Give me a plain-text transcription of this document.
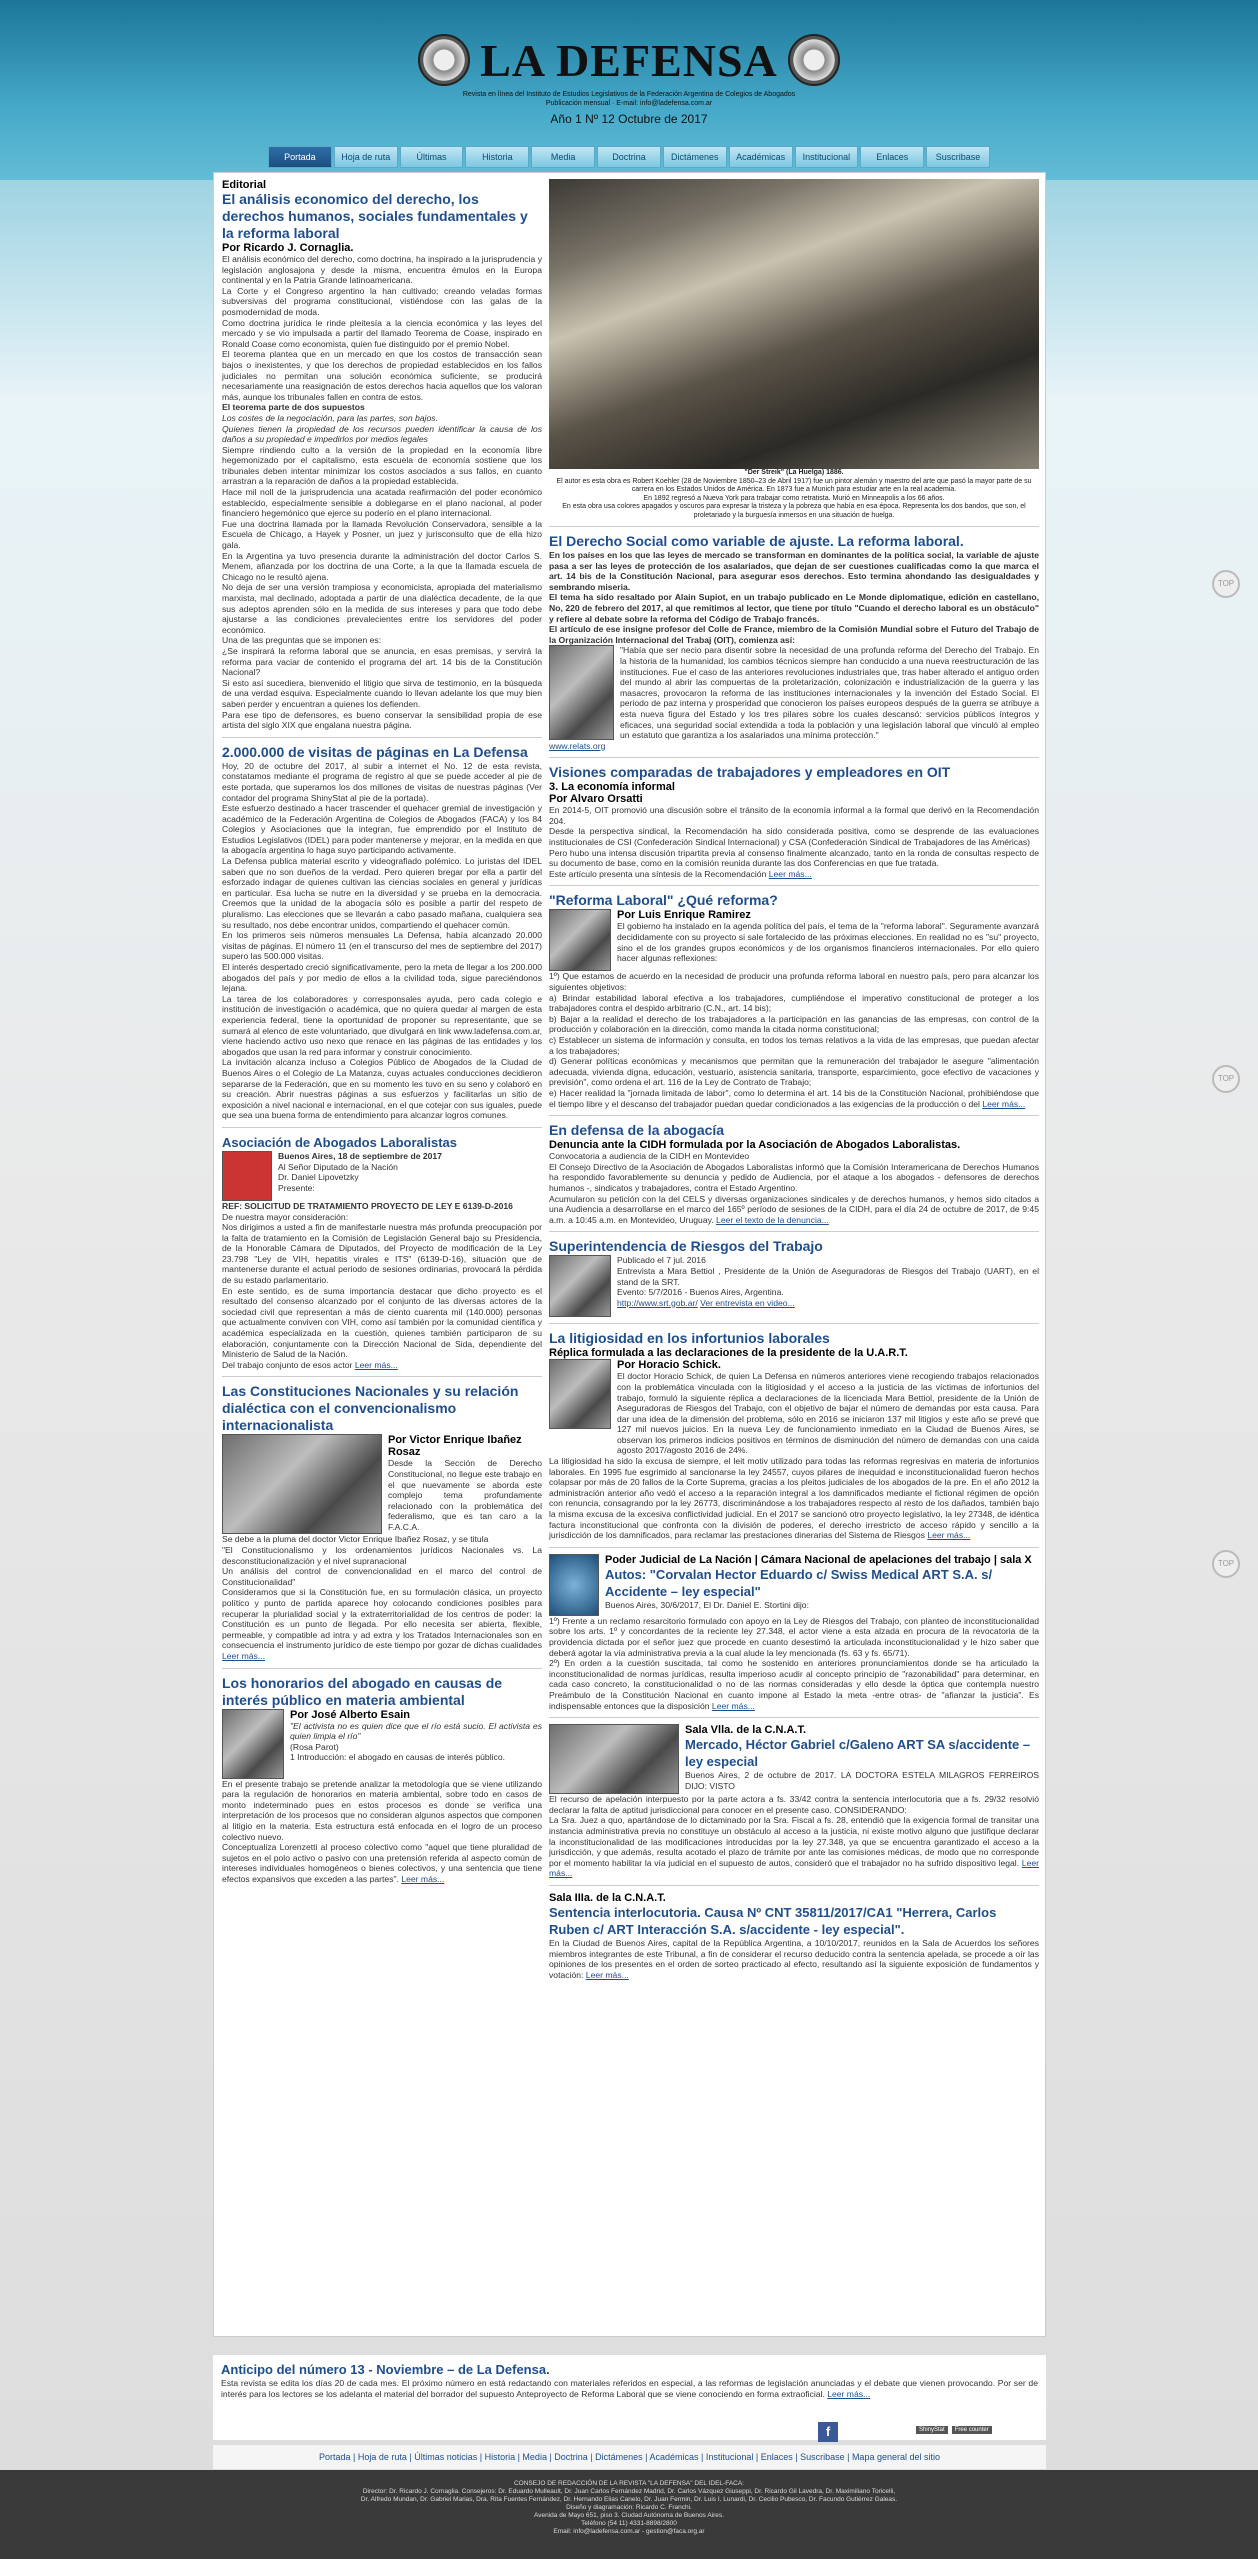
LA DEFENSA
Revista en línea del Instituto de Estudios Legislativos de la Federación Argentina de Colegios de Abogados
Publicación mensual · E-mail: info@ladefensa.com.ar
Año 1 Nº 12 Octubre de 2017
Portada	Hoja de ruta	Últimas	Historia	Media	Doctrina	Dictámenes	Académicas	Institucional	Enlaces	Suscribase
TOP
TOP
TOP
Editorial
El análisis economico del derecho, los derechos humanos, sociales fundamentales y la reforma laboral
Por Ricardo J. Cornaglia.

El análisis económico del derecho, como doctrina, ha inspirado a la jurisprudencia y legislación anglosajona y desde la misma, encuentra émulos en la Europa continental y en la Patria Grande latinoamericana.

La Corte y el Congreso argentino la han cultivado; creando veladas formas subversivas del programa constitucional, vistiéndose con las galas de la posmodernidad de moda.

Como doctrina jurídica le rinde pleitesía a la ciencia económica y las leyes del mercado y se vio impulsada a partir del llamado Teorema de Coase, inspirado en Ronald Coase como economista, quien fue distinguido por el premio Nobel.

El teorema plantea que en un mercado en que los costos de transacción sean bajos o inexistentes, y que los derechos de propiedad establecidos en los fallos judiciales no permitan una solución económica suficiente, se producirá necesariamente una reasignación de estos derechos hacia aquellos que los valoran más, aunque los tribunales fallen en contra de estos.

El teorema parte de dos supuestos

Los costes de la negociación, para las partes, son bajos.

Quienes tienen la propiedad de los recursos pueden identificar la causa de los daños a su propiedad e impedirlos por medios legales

Siempre rindiendo culto a la versión de la propiedad en la economía libre hegemonizado por el capitalismo, esta escuela de economía sostiene que los tribunales deben intentar minimizar los costos asociados a sus fallos, en cuanto arrastran a la reparación de daños a la propiedad establecida.

Hace mil noll de la jurisprudencia una acatada reafirmación del poder económico establecido, especialmente sensible a doblegarse en el plano nacional, al poder financiero hegemónico que ejerce su poderío en el plano internacional.

Fue una doctrina llamada por la llamada Revolución Conservadora, sensible a la Escuela de Chicago, a Hayek y Posner, un juez y jurisconsulto que de ella hizo gala.

En la Argentina ya tuvo presencia durante la administración del doctor Carlos S. Menem, afianzada por los doctrina de una Corte, a la que la llamada escuela de Chicago no le resultó ajena.

No deja de ser una versión trampiosa y economicista, apropiada del materialismo marxista, mal declinado, adoptada a partir de una dialéctica decadente, de la que sus adeptos aprenden sólo en la medida de sus intereses y para que todo debe ajustarse a las condiciones prevalecientes entre los servidores del poder económico.

Una de las preguntas que se imponen es:

¿Se inspirará la reforma laboral que se anuncia, en esas premisas, y servirá la reforma para vaciar de contenido el programa del art. 14 bis de la Constitución Nacional?

Si esto así sucediera, bienvenido el litigio que sirva de testimonio, en la búsqueda de una verdad esquiva. Especialmente cuando lo llevan adelante los que muy bien saben perder y encuentran a quienes los defienden.

Para ese tipo de defensores, es bueno conservar la sensibilidad propia de ese artista del siglo XIX que engalana nuestra página.

2.000.000 de visitas de páginas en La Defensa

Hoy, 20 de octubre del 2017, al subir a internet el No. 12 de esta revista, constatamos mediante el programa de registro al que se puede acceder al pie de este portada, que superamos los dos millones de visitas de nuestras páginas (Ver contador del programa ShinyStat al pie de la portada).

Este esfuerzo destinado a hacer trascender el quehacer gremial de investigación y académico de la Federación Argentina de Colegios de Abogados (FACA) y los 84 Colegios y Asociaciones que la integran, fue emprendido por el Instituto de Estudios Legislativos (IDEL) para poder mantenerse y mejorar, en la medida en que la abogacía argentina lo haga suyo participando activamente.

La Defensa publica material escrito y videografiado polémico. Lo juristas del IDEL saben que no son dueños de la verdad. Pero quieren bregar por ella a partir del esforzado indagar de quienes cultivan las ciencias sociales en general y jurídicas en particular. Esa lucha se nutre en la diversidad y se prueba en la democracia. Creemos que la unidad de la abogacía sólo es posible a partir del respeto de pluralismo. Las elecciones que se llevarán a cabo pasado mañana, cualquiera sea su resultado, nos debe encontrar unidos, compartiendo el quehacer común.

En los primeros seis números mensuales La Defensa, había alcanzado 20.000 visitas de páginas. El número 11 (en el transcurso del mes de septiembre del 2017) supero las 500.000 visitas.

El interés despertado creció significativamente, pero la meta de llegar a los 200.000 abogados del país y por medio de ellos a la civilidad toda, sigue pareciéndonos lejana.

La tarea de los colaboradores y corresponsales ayuda, pero cada colegio e institución de investigación o académica, que no quiera quedar al margen de esta experiencia federal, tiene la oportunidad de proponer su representante, que se sumará al elenco de este voluntariado, que divulgará en link www.ladefensa.com.ar, viene haciendo activo uso nexo que renace en las páginas de las entidades y los abogados que usan la red para informar y construir conocimiento.

La invitación alcanza incluso a Colegios Público de Abogados de la Ciudad de Buenos Aires o el Colegio de La Matanza, cuyas actuales conducciones decidieron separarse de la Federación, que en su momento les tuvo en su seno y colaboró en su creación. Abrir nuestras páginas a sus esfuerzos y facilitarlas un sitio de exposición a nivel nacional e internacional, en el que cotejar con sus iguales, puede que sea una buena forma de entendimiento para alcanzar logros comunes.

Asociación de Abogados Laboralistas

Buenos Aires, 18 de septiembre de 2017

Al Señor Diputado de la Nación

Dr. Daniel Lipovetzky

Presente:

REF: SOLICITUD DE TRATAMIENTO PROYECTO DE LEY E 6139-D-2016

De nuestra mayor consideración:

Nos dirigimos a usted a fin de manifestarle nuestra más profunda preocupación por la falta de tratamiento en la Comisión de Legislación General bajo su Presidencia, de la Honorable Cámara de Diputados, del Proyecto de modificación de la Ley 23.798 "Ley de VIH, hepatitis virales e ITS" (6139-D-16), situación que de mantenerse durante el actual periodo de sesiones ordinarias, provocará la pérdida de su estado parlamentario.

En este sentido, es de suma importancia destacar que dicho proyecto es el resultado del consenso alcanzado por el conjunto de las diversas actores de la sociedad civil que representan a más de ciento cuarenta mil (140.000) personas que actualmente conviven con VIH, como así también por la comunidad científica y académica especializada en la cuestión, quienes también participaron de su elaboración, conjuntamente con la Dirección Nacional de Sida, dependiente del Ministerio de Salud de la Nación.

Del trabajo conjunto de esos actor Leer más...

Las Constituciones Nacionales y su relación dialéctica con el convencionalismo internacionalista
Por Victor Enrique Ibañez Rosaz

Desde la Sección de Derecho Constitucional, no llegue este trabajo en el que nuevamente se aborda este complejo tema profundamente relacionado con la problemática del federalismo, que es tan caro a la F.A.C.A.

Se debe a la pluma del doctor Victor Enrique Ibañez Rosaz, y se titula

"El Constitucionalismo y los ordenamientos jurídicos Nacionales vs. La desconstitucionalización y el nivel supranacional

Un análisis del control de convencionalidad en el marco del control de Constitucionalidad"

Consideramos que si la Constitución fue, en su formulación clásica, un proyecto político y punto de partida aparece hoy colocando condiciones posibles para recuperar la plurialidad social y la extraterritorialidad de los centros de poder: la Constitución es un punto de llegada. Por ello necesita ser abierta, flexible, permeable, y compatible ad intra y ad extra y los Tratados Internacionales son en consecuencia el instrumento jurídico de este tiempo por gozar de dichas cualidades Leer más...

Los honorarios del abogado en causas de interés público en materia ambiental
Por José Alberto Esain

"El activista no es quien dice que el río está sucio. El activista es quien limpia el río"

(Rosa Parot)

1 Introducción: el abogado en causas de interés público.

En el presente trabajo se pretende analizar la metodología que se viene utilizando para la regulación de honorarios en materia ambiental, sobre todo en casos de monto indeterminado pues en estos procesos es donde se verifica una interpretación de los procesos que no consideran algunos aspectos que componen al litigio en la materia. Esta estructura está enfocada en el logro de un proceso colectivo nuevo.

Conceptualiza Lorenzetti al proceso colectivo como "aquel que tiene pluralidad de sujetos en el polo activo o pasivo con una pretensión referida al aspecto común de intereses individuales homogéneos o bienes colectivos, y una sentencia que tiene efectos expansivos que exceden a las partes". Leer más...

"Der Streik" (La Huelga) 1886.
El autor es esta obra es Robert Koehler (28 de Noviembre 1850–23 de Abril 1917) fue un pintor alemán y maestro del arte que pasó la mayor parte de su carrera en los Estados Unidos de América. En 1873 fue a Munich para estudiar arte en la real academia.
En 1892 regresó a Nueva York para trabajar como retratista. Murió en Minneapolis a los 66 años.
En esta obra usa colores apagados y oscuros para expresar la tristeza y la pobreza que había en esa época. Representa los dos bandos, que son, el proletariado y la burguesía inmersos en una situación de huelga.
El Derecho Social como variable de ajuste. La reforma laboral.

En los países en los que las leyes de mercado se transforman en dominantes de la política social, la variable de ajuste pasa a ser las leyes de protección de los asalariados, que dejan de ser cuestiones cualificadas como la que marca el art. 14 bis de la Constitución Nacional, para asegurar esos derechos. Esto termina ahondando las desigualdades y sembrando miseria.

El tema ha sido resaltado por Alain Supiot, en un trabajo publicado en Le Monde diplomatique, edición en castellano, No, 220 de febrero del 2017, al que remitimos al lector, que tiene por título "Cuando el derecho laboral es un obstáculo" y refiere al debate sobre la reforma del Código de Trabajo francés.

El artículo de ese insigne profesor del Colle de France, miembro de la Comisión Mundial sobre el Futuro del Trabajo de la Organización Internacional del Trabaj (OIT), comienza así:

"Había que ser necio para disentir sobre la necesidad de una profunda reforma del Derecho del Trabajo. En la historia de la humanidad, los cambios técnicos siempre han conducido a una nueva reestructuración de las instituciones. Fue el caso de las anteriores revoluciones industriales que, tras haber alterado el antiguo orden del mundo al abrir las compuertas de la proletarización, colonización e industrialización de la guerra y las masacres, provocaron la reforma de las instituciones internacionales y la invención del Estado Social. El periodo de paz interna y prosperidad que conocieron los países europeos después de la guerra se atribuye a esta nueva figura del Estado y los tres pilares sobre los cuales descansó: servicios públicos íntegros y eficaces, una seguridad social extendida a toda la población y una legislación laboral que vinculó al empleo un estatuto que garantiza a los asalariados una mínima protección."

www.relats.org

Visiones comparadas de trabajadores y empleadores en OIT
3. La economía informal
Por Alvaro Orsatti

En 2014-5, OIT promovió una discusión sobre el tránsito de la economía informal a la formal que derivó en la Recomendación 204.

Desde la perspectiva sindical, la Recomendación ha sido considerada positiva, como se desprende de las evaluaciones institucionales de CSI (Confederación Sindical Internacional) y CSA (Confederación Sindical de Trabajadores de las Américas)

Pero hubo una intensa discusión tripartita previa al consenso finalmente alcanzado, tanto en la ronda de consultas respecto de su documento de base, como en la comisión reunida durante las dos Conferencias en que fue tratada.

Este artículo presenta una síntesis de la Recomendación Leer más...

"Reforma Laboral" ¿Qué reforma?
Por Luis Enrique Ramirez

El gobierno ha instalado en la agenda política del país, el tema de la "reforma laboral". Seguramente avanzará decididamente con su proyecto si sale fortalecido de las próximas elecciones. En realidad no es "su" proyecto, sino el de los grandes grupos económicos y de los organismos financieros internacionales. Por ello quiero hacer algunas reflexiones:

1º) Que estamos de acuerdo en la necesidad de producir una profunda reforma laboral en nuestro país, pero para alcanzar los siguientes objetivos:

a) Brindar estabilidad laboral efectiva a los trabajadores, cumpliéndose el imperativo constitucional de proteger a los trabajadores contra el despido arbitrario (C.N., art. 14 bis);

b) Bajar a la realidad el derecho de los trabajadores a la participación en las ganancias de las empresas, con control de la producción y colaboración en la dirección, como manda la citada norma constitucional;

c) Establecer un sistema de información y consulta, en todos los temas relativos a la vida de las empresas, que puedan afectar a los trabajadores;

d) Generar políticas económicas y mecanismos que permitan que la remuneración del trabajador le asegure "alimentación adecuada, vivienda digna, educación, vestuario, asistencia sanitaria, transporte, esparcimiento, goce efectivo de vacaciones y previsión", como ordena el art. 116 de la Ley de Contrato de Trabajo;

e) Hacer realidad la "jornada limitada de labor", como lo determina el art. 14 bis de la Constitución Nacional, prohibiéndose que el tiempo libre y el descanso del trabajador puedan quedar condicionados a las exigencias de la producción o del Leer más...

En defensa de la abogacía
Denuncia ante la CIDH formulada por la Asociación de Abogados Laboralistas.

Convocatoria a audiencia de la CIDH en Montevideo

El Consejo Directivo de la Asociación de Abogados Laboralistas informó que la Comisión Interamericana de Derechos Humanos ha respondido favorablemente su denuncia y pedido de Audiencia, por el ataque a los abogados - defensores de derechos humanos -, sindicatos y trabajadores, contra el Estado Argentino.

Acumularon su petición con la del CELS y diversas organizaciones sindicales y de derechos humanos, y hemos sido citados a una Audiencia a desarrollarse en el marco del 165º período de sesiones de la CIDH, para el día 24 de octubre de 2017, de 9:45 a.m. a 10:45 a.m. en Montevideo, Uruguay. Leer el texto de la denuncia...

Superintendencia de Riesgos del Trabajo

Publicado el 7 jul. 2016

Entrevista a Mara Bettiol , Presidente de la Unión de Aseguradoras de Riesgos del Trabajo (UART), en el stand de la SRT.

Evento: 5/7/2016 - Buenos Aires, Argentina.

http://www.srt.gob.ar/ Ver entrevista en video...

La litigiosidad en los infortunios laborales
Réplica formulada a las declaraciones de la presidente de la U.A.R.T.
Por Horacio Schick.

El doctor Horacio Schick, de quien La Defensa en números anteriores viene recogiendo trabajos relacionados con la problemática vinculada con la litigiosidad y el acceso a la justicia de las víctimas de infortunios del trabajo, formuló la siguiente réplica a declaraciones de la licenciada Mara Bettiol, presidente de la Unión de Aseguradoras de Riesgos del Trabajo, con el objetivo de bajar el número de demandas por esta causa. Para dar una idea de la dimensión del problema, sólo en 2016 se iniciaron 137 mil litigios y este año se prevé que 127 mil nuevos juicios. En la nueva Ley de funcionamiento inmediato en la Ciudad de Buenos Aires, se observan los primeros indicios positivos en términos de disminución del número de demandas con una caída agosto 2017/agosto 2016 de 24%.

La litigiosidad ha sido la excusa de siempre, el leit motiv utilizado para todas las reformas regresivas en materia de infortunios laborales. En 1995 fue esgrimido al sancionarse la ley 24557, cuyos pilares de inequidad e inconstitucionalidad fueron hechos colapsar por más de 20 fallos de la Corte Suprema, gracias a los pleitos judiciales de los abogados de la pre. En el año 2012 la administración anterior año vedó el acceso a la reparación integral a los damnificados mediante el fictional régimen de opción con renuncia, consagrando por la ley 26773, discriminándose a los trabajadores respecto al resto de los dañados, también bajo la misma excusa de la excesiva conflictividad judicial. En el 2017 se sancionó otro proyecto legislativo, la ley 27348, de idéntica factura inconstitucional que confronta con la división de poderes, el derecho irrestricto de acceso rápido y sencillo a la jurisdicción de los damnificados, para reclamar las prestaciones dinerarias del Sistema de Riesgos Leer más...

Poder Judicial de La Nación | Cámara Nacional de apelaciones del trabajo | sala X
Autos: "Corvalan Hector Eduardo c/ Swiss Medical ART S.A. s/ Accidente – ley especial"

Buenos Aires, 30/6/2017, El Dr. Daniel E. Stortini dijo:

1º) Frente a un reclamo resarcitorio formulado con apoyo en la Ley de Riesgos del Trabajo, con planteo de inconstitucionalidad sobre los arts. 1º y concordantes de la reciente ley 27.348, el actor viene a esta alzada en procura de la revocatoria de la providencia dictada por el señor juez que procede en cuanto desestimó la articulada inconstitucionalidad y le hizo saber que deberá agotar la vía administrativa previa a la cual alude la ley mencionada (fs. 63 y fs. 65/71).

2º) En orden a la cuestión suscitada, tal como he sostenido en anteriores pronunciamientos donde se ha articulado la inconstitucionalidad de normas jurídicas, resulta imperioso acudir al concepto principio de "razonabilidad" para determinar, en cada caso concreto, la constitucionalidad o no de las normas consideradas y ello desde la óptica que contempla nuestro Preámbulo de la Constitución Nacional en cuanto impone al Estado la meta -entre otras- de "afianzar la justicia". Es indispensable entonces que la disposición Leer más...

Sala Vlla. de la C.N.A.T.
Mercado, Héctor Gabriel c/Galeno ART SA s/accidente – ley especial

Buenos Aires, 2 de octubre de 2017. LA DOCTORA ESTELA MILAGROS FERREIROS DIJO: VISTO

El recurso de apelación interpuesto por la parte actora a fs. 33/42 contra la sentencia interlocutoria que a fs. 29/32 resolvió declarar la falta de aptitud jurisdiccional para conocer en el presente caso. CONSIDERANDO:

La Sra. Juez a quo, apartándose de lo dictaminado por la Sra. Fiscal a fs. 28, entendió que la exigencia formal de transitar una instancia administrativa previa no constituye un obstáculo al acceso a la justicia, ni existe motivo alguno que justifique declarar la inconstitucionalidad de las modificaciones introducidas por la ley 27.348, ya que se encuentra garantizado el acceso a la jurisdicción, y que además, resulta acotado el plazo de trámite por ante las comisiones médicas, de modo que no corresponde por el momento habilitar la vía judicial en el supuesto de autos, consideró que el trabajador no ha sufrido dispositivo legal. Leer más...

Sala IIIa. de la C.N.A.T.
Sentencia interlocutoria. Causa Nº CNT 35811/2017/CA1 "Herrera, Carlos Ruben c/ ART Interacción S.A. s/accidente - ley especial".

En la Ciudad de Buenos Aires, capital de la República Argentina, a 10/10/2017, reunidos en la Sala de Acuerdos los señores miembros integrantes de este Tribunal, a fin de considerar el recurso deducido contra la sentencia apelada, se procede a oír las opiniones de los presentes en el orden de sorteo practicado al efecto, resultando así la siguiente exposición de fundamentos y votación: Leer más...

Anticipo del número 13 - Noviembre – de La Defensa.

Esta revista se edita los días 20 de cada mes. El próximo número en está redactando con materiales referidos en especial, a las reformas de legislación anunciadas y el debate que vienen provocando. Por ser de interés para los lectores se los adelanta el material del borrador del supuesto Anteproyecto de Reforma Laboral que se viene conociendo en forma extraoficial. Leer más...

f	ShinyStat	Free counter
Portada | Hoja de ruta | Últimas noticias | Historia | Media | Doctrina | Dictámenes | Académicas | Institucional | Enlaces | Suscribase | Mapa general del sitio
CONSEJO DE REDACCIÓN DE LA REVISTA "LA DEFENSA" DEL IDEL-FACA:
Director: Dr. Ricardo J. Cornaglia. Consejeros: Dr. Eduardo Mulleault, Dr. Juan Carlos Fernández Madrid, Dr. Carlos Vázquez Giuseppi, Dr. Ricardo Gil Lavedra, Dr. Maximiliano Toricelli,
Dr. Alfredo Mundan, Dr. Gabriel Marias, Dra. Rita Fuentes Fernández, Dr. Hernando Elias Canelo, Dr. Juan Fermin, Dr. Luis I. Lunardi, Dr. Cecilio Pubesco, Dr. Facundo Gutiérrez Galeas.
Diseño y diagramación: Ricardo C. Franchi.
Avenida de Mayo 651, piso 3. Ciudad Autónoma de Buenos Aires.
Teléfono (54 11) 4331-8898/2800
Email: info@ladefensa.com.ar - gestion@faca.org.ar
